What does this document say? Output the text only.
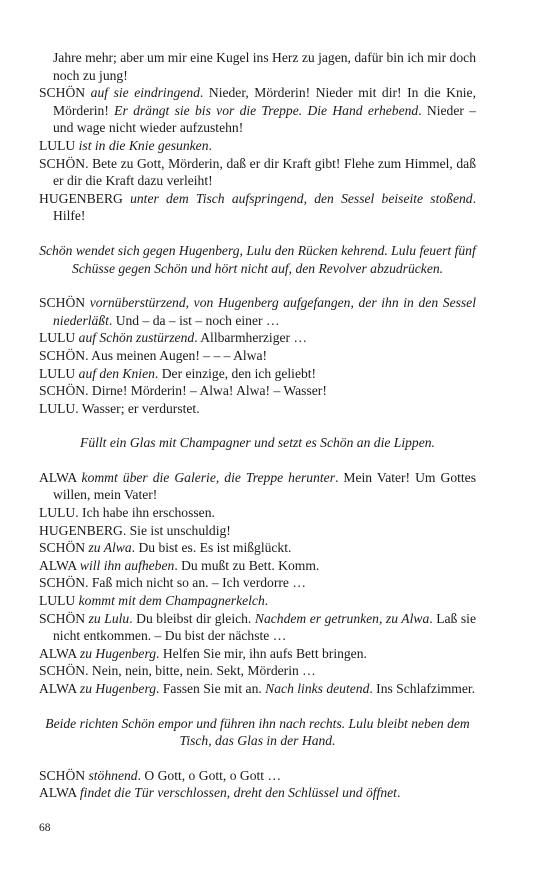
Jahre mehr; aber um mir eine Kugel ins Herz zu jagen, dafür bin ich mir doch noch zu jung!

SCHÖN auf sie eindringend. Nieder, Mörderin! Nieder mit dir! In die Knie, Mörderin! Er drängt sie bis vor die Treppe. Die Hand erhebend. Nieder – und wage nicht wieder aufzustehn!

LULU ist in die Knie gesunken.

SCHÖN. Bete zu Gott, Mörderin, daß er dir Kraft gibt! Flehe zum Himmel, daß er dir die Kraft dazu verleiht!

HUGENBERG unter dem Tisch aufspringend, den Sessel beiseite stoßend. Hilfe!

Schön wendet sich gegen Hugenberg, Lulu den Rücken kehrend. Lulu feuert fünf Schüsse gegen Schön und hört nicht auf, den Revolver abzudrücken.

SCHÖN vornüberstürzend, von Hugenberg aufgefangen, der ihn in den Sessel niederläßt. Und – da – ist – noch einer …

LULU auf Schön zustürzend. Allbarmherziger …

SCHÖN. Aus meinen Augen! – – – Alwa!

LULU auf den Knien. Der einzige, den ich geliebt!

SCHÖN. Dirne! Mörderin! – Alwa! Alwa! – Wasser!

LULU. Wasser; er verdurstet.

Füllt ein Glas mit Champagner und setzt es Schön an die Lippen.

ALWA kommt über die Galerie, die Treppe herunter. Mein Vater! Um Gottes willen, mein Vater!

LULU. Ich habe ihn erschossen.

HUGENBERG. Sie ist unschuldig!

SCHÖN zu Alwa. Du bist es. Es ist mißglückt.

ALWA will ihn aufheben. Du mußt zu Bett. Komm.

SCHÖN. Faß mich nicht so an. – Ich verdorre …

LULU kommt mit dem Champagnerkelch.

SCHÖN zu Lulu. Du bleibst dir gleich. Nachdem er getrunken, zu Alwa. Laß sie nicht entkommen. – Du bist der nächste …

ALWA zu Hugenberg. Helfen Sie mir, ihn aufs Bett bringen.

SCHÖN. Nein, nein, bitte, nein. Sekt, Mörderin …

ALWA zu Hugenberg. Fassen Sie mit an. Nach links deutend. Ins Schlafzimmer.

Beide richten Schön empor und führen ihn nach rechts. Lulu bleibt neben dem Tisch, das Glas in der Hand.

SCHÖN stöhnend. O Gott, o Gott, o Gott …

ALWA findet die Tür verschlossen, dreht den Schlüssel und öffnet.

68
